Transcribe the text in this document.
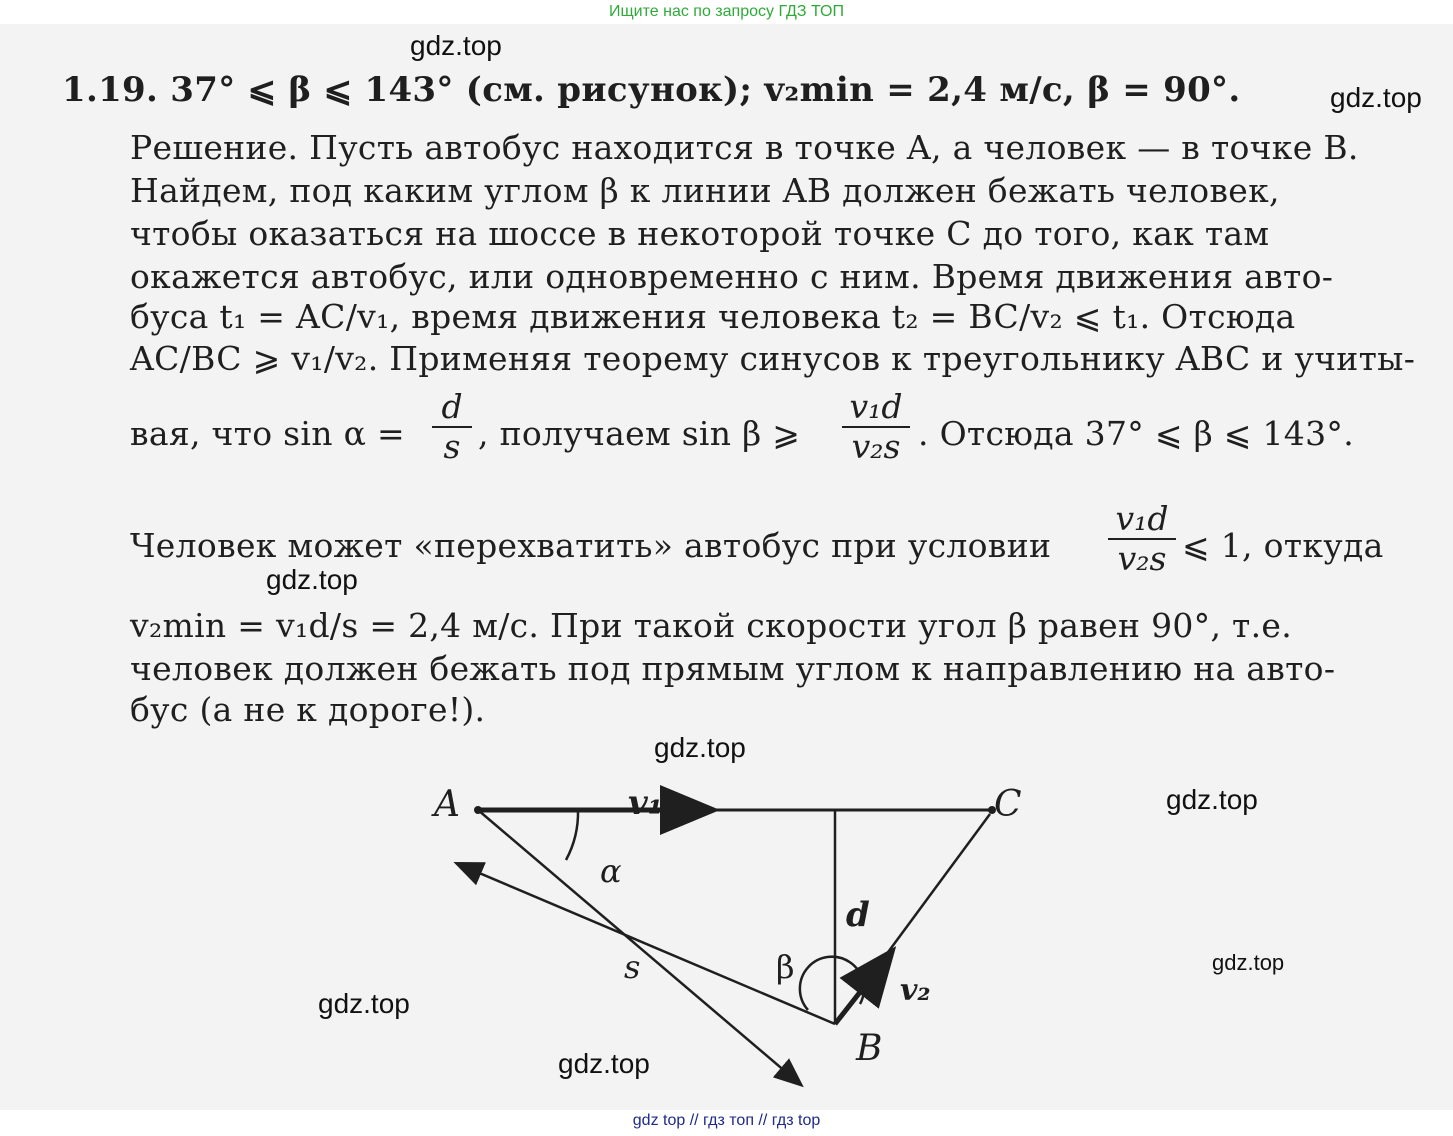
Ищите нас по запросу ГДЗ ТОП
1.19. 37° ⩽ β ⩽ 143° (см. рисунок); v₂min = 2,4 м/с, β = 90°.
Решение. Пусть автобус находится в точке A, а человек — в точке B.
Найдем, под каким углом β к линии AB должен бежать человек,
чтобы оказаться на шоссе в некоторой точке C до того, как там
окажется автобус, или одновременно с ним. Время движения авто-
буса t₁ = AC/v₁, время движения человека t₂ = BC/v₂ ⩽ t₁. Отсюда
AC/BC ⩾ v₁/v₂. Применяя теорему синусов к треугольнику ABC и учиты-
вая, что sin α =
d
s , получаем sin β ⩾
v₁d
v₂s . Отсюда 37° ⩽ β ⩽ 143°.
Человек может «перехватить» автобус при условии
v₁d
v₂s ⩽ 1, откуда
v₂min = v₁d/s = 2,4 м/с. При такой скорости угол β равен 90°, т.е.
человек должен бежать под прямым углом к направлению на авто-
бус (а не к дороге!).
A	C
B
v₁
v₂
α
β
d
s
gdz.top
gdz.top
gdz.top
gdz.top
gdz.top
gdz.top
gdz.top
gdz.top
gdz top // гдз топ // гдз top
